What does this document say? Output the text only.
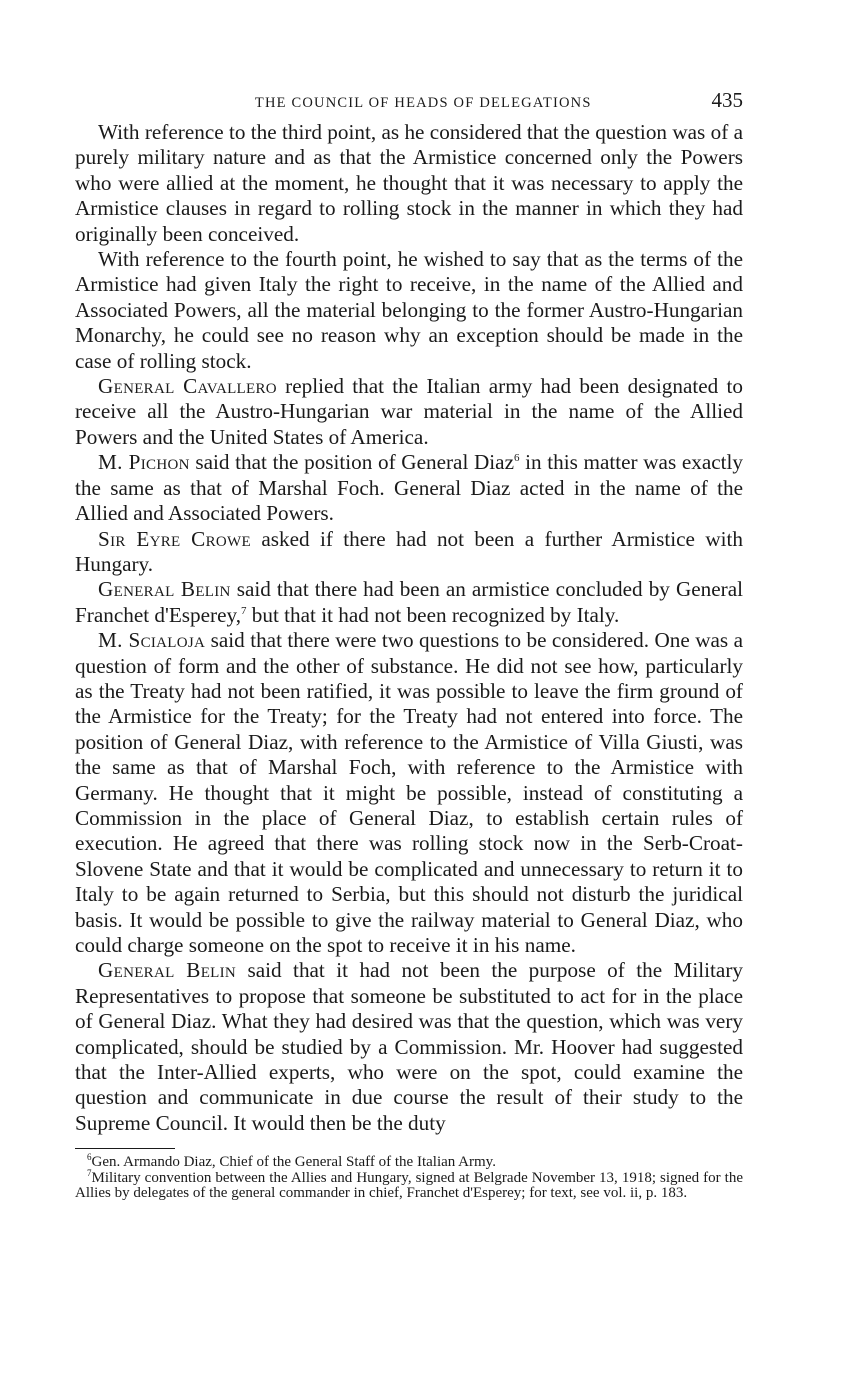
THE COUNCIL OF HEADS OF DELEGATIONS	435

With reference to the third point, as he considered that the question was of a purely military nature and as that the Armistice concerned only the Powers who were allied at the moment, he thought that it was necessary to apply the Armistice clauses in regard to rolling stock in the manner in which they had originally been conceived.

With reference to the fourth point, he wished to say that as the terms of the Armistice had given Italy the right to receive, in the name of the Allied and Associated Powers, all the material belonging to the former Austro-Hungarian Monarchy, he could see no reason why an exception should be made in the case of rolling stock.

General Cavallero replied that the Italian army had been designated to receive all the Austro-Hungarian war material in the name of the Allied Powers and the United States of America.

M. Pichon said that the position of General Diaz$^6$ in this matter was exactly the same as that of Marshal Foch. General Diaz acted in the name of the Allied and Associated Powers.

Sir Eyre Crowe asked if there had not been a further Armistice with Hungary.

General Belin said that there had been an armistice concluded by General Franchet d'Esperey,$^7$ but that it had not been recognized by Italy.

M. Scialoja said that there were two questions to be considered. One was a question of form and the other of substance. He did not see how, particularly as the Treaty had not been ratified, it was possible to leave the firm ground of the Armistice for the Treaty; for the Treaty had not entered into force. The position of General Diaz, with reference to the Armistice of Villa Giusti, was the same as that of Marshal Foch, with reference to the Armistice with Germany. He thought that it might be possible, instead of constituting a Commission in the place of General Diaz, to establish certain rules of execution. He agreed that there was rolling stock now in the Serb-Croat-Slovene State and that it would be complicated and unnecessary to return it to Italy to be again returned to Serbia, but this should not disturb the juridical basis. It would be possible to give the railway material to General Diaz, who could charge someone on the spot to receive it in his name.

General Belin said that it had not been the purpose of the Military Representatives to propose that someone be substituted to act for in the place of General Diaz. What they had desired was that the question, which was very complicated, should be studied by a Commission. Mr. Hoover had suggested that the Inter-Allied experts, who were on the spot, could examine the question and communicate in due course the result of their study to the Supreme Council. It would then be the duty

$^6$Gen. Armando Diaz, Chief of the General Staff of the Italian Army.

$^7$Military convention between the Allies and Hungary, signed at Belgrade November 13, 1918; signed for the Allies by delegates of the general commander in chief, Franchet d'Esperey; for text, see vol. ii, p. 183.
